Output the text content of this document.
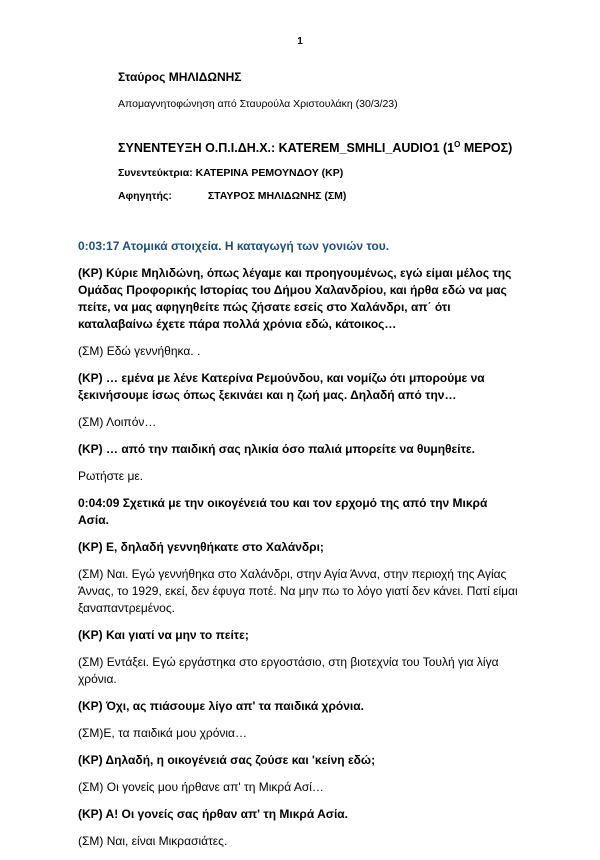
1

Σταύρος ΜΗΛΙΔΩΝΗΣ

Απομαγνητοφώνηση από Σταυρούλα Χριστουλάκη (30/3/23)

ΣΥΝΕΝΤΕΥΞΗ Ο.Π.Ι.ΔΗ.Χ.: KATEREM_SMHLI_AUDIO1 ($1^O$ ΜΕΡΟΣ)

Συνεντεύκτρια: ΚΑΤΕΡΙΝΑ ΡΕΜΟΥΝΔΟΥ (ΚΡ)

Αφηγητής:	ΣΤΑΥΡΟΣ ΜΗΛΙΔΩΝΗΣ (ΣΜ)

0:03:17 Ατομικά στοιχεία. Η καταγωγή των γονιών του.

(ΚΡ) Κύριε Μηλιδώνη, όπως λέγαμε και προηγουμένως, εγώ είμαι μέλος της Ομάδας Προφορικής Ιστορίας του Δήμου Χαλανδρίου, και ήρθα εδώ να μας πείτε, να μας αφηγηθείτε πώς ζήσατε εσείς στο Χαλάνδρι, απ΄ ότι καταλαβαίνω έχετε πάρα πολλά χρόνια εδώ, κάτοικος…

(ΣΜ) Εδώ γεννήθηκα. .

(ΚΡ) … εμένα με λένε Κατερίνα Ρεμούνδου, και νομίζω ότι μπορούμε να ξεκινήσουμε ίσως όπως ξεκινάει και η ζωή μας. Δηλαδή από την…

(ΣΜ) Λοιπόν…

(ΚΡ) … από την παιδική σας ηλικία όσο παλιά μπορείτε να θυμηθείτε.

Ρωτήστε με.

0:04:09 Σχετικά με την οικογένειά του και τον ερχομό της από την Μικρά Ασία.

(ΚΡ) Ε, δηλαδή γεννηθήκατε στο Χαλάνδρι;

(ΣΜ) Ναι. Εγώ γεννήθηκα στο Χαλάνδρι, στην Αγία Άννα, στην περιοχή της Αγίας Άννας, το 1929, εκεί, δεν έφυγα ποτέ. Να μην πω το λόγο γιατί δεν κάνει. Πατί είμαι ξαναπαντρεμένος.

(ΚΡ) Και γιατί να μην το πείτε;

(ΣΜ) Εντάξει. Εγώ εργάστηκα στο εργοστάσιο, στη βιοτεχνία του Τουλή για λίγα χρόνια.

(ΚΡ) Όχι, ας πιάσουμε λίγο απ' τα παιδικά χρόνια.

(ΣΜ)Ε, τα παιδικά μου χρόνια…

(ΚΡ) Δηλαδή, η οικογένειά σας ζούσε και 'κείνη εδώ;

(ΣΜ) Οι γονείς μου ήρθανε απ' τη Μικρά Ασί…

(ΚΡ) Α! Οι γονείς σας ήρθαν απ' τη Μικρά Ασία.

(ΣΜ) Ναι, είναι Μικρασιάτες.
